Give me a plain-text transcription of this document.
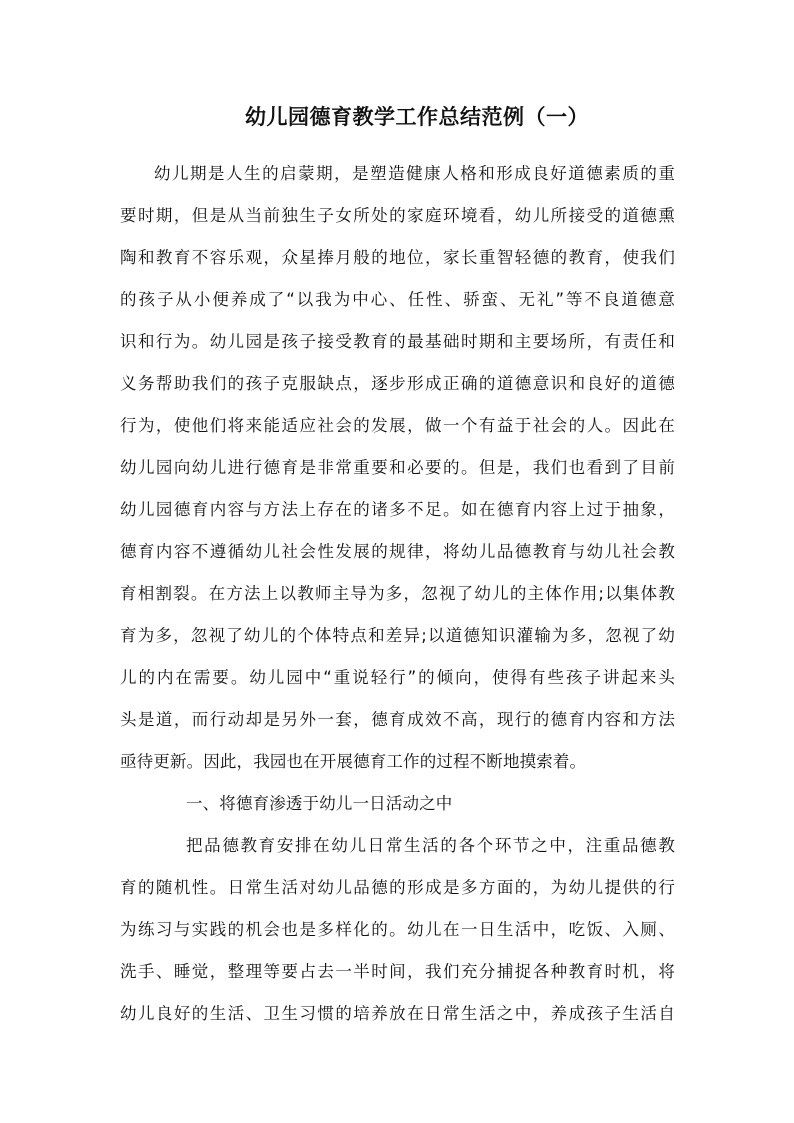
幼儿园德育教学工作总结范例（一）

幼儿期是人生的启蒙期，是塑造健康人格和形成良好道德素质的重

要时期，但是从当前独生子女所处的家庭环境看，幼儿所接受的道德熏

陶和教育不容乐观，众星捧月般的地位，家长重智轻德的教育，使我们

的孩子从小便养成了“以我为中心、任性、骄蛮、无礼”等不良道德意

识和行为。幼儿园是孩子接受教育的最基础时期和主要场所，有责任和

义务帮助我们的孩子克服缺点，逐步形成正确的道德意识和良好的道德

行为，使他们将来能适应社会的发展，做一个有益于社会的人。因此在

幼儿园向幼儿进行德育是非常重要和必要的。但是，我们也看到了目前

幼儿园德育内容与方法上存在的诸多不足。如在德育内容上过于抽象，

德育内容不遵循幼儿社会性发展的规律，将幼儿品德教育与幼儿社会教

育相割裂。在方法上以教师主导为多，忽视了幼儿的主体作用;以集体教

育为多，忽视了幼儿的个体特点和差异;以道德知识灌输为多，忽视了幼

儿的内在需要。幼儿园中“重说轻行”的倾向，使得有些孩子讲起来头

头是道，而行动却是另外一套，德育成效不高，现行的德育内容和方法

亟待更新。因此，我园也在开展德育工作的过程不断地摸索着。

一、将德育渗透于幼儿一日活动之中

把品德教育安排在幼儿日常生活的各个环节之中，注重品德教

育的随机性。日常生活对幼儿品德的形成是多方面的，为幼儿提供的行

为练习与实践的机会也是多样化的。幼儿在一日生活中，吃饭、入厕、

洗手、睡觉，整理等要占去一半时间，我们充分捕捉各种教育时机，将

幼儿良好的生活、卫生习惯的培养放在日常生活之中，养成孩子生活自
